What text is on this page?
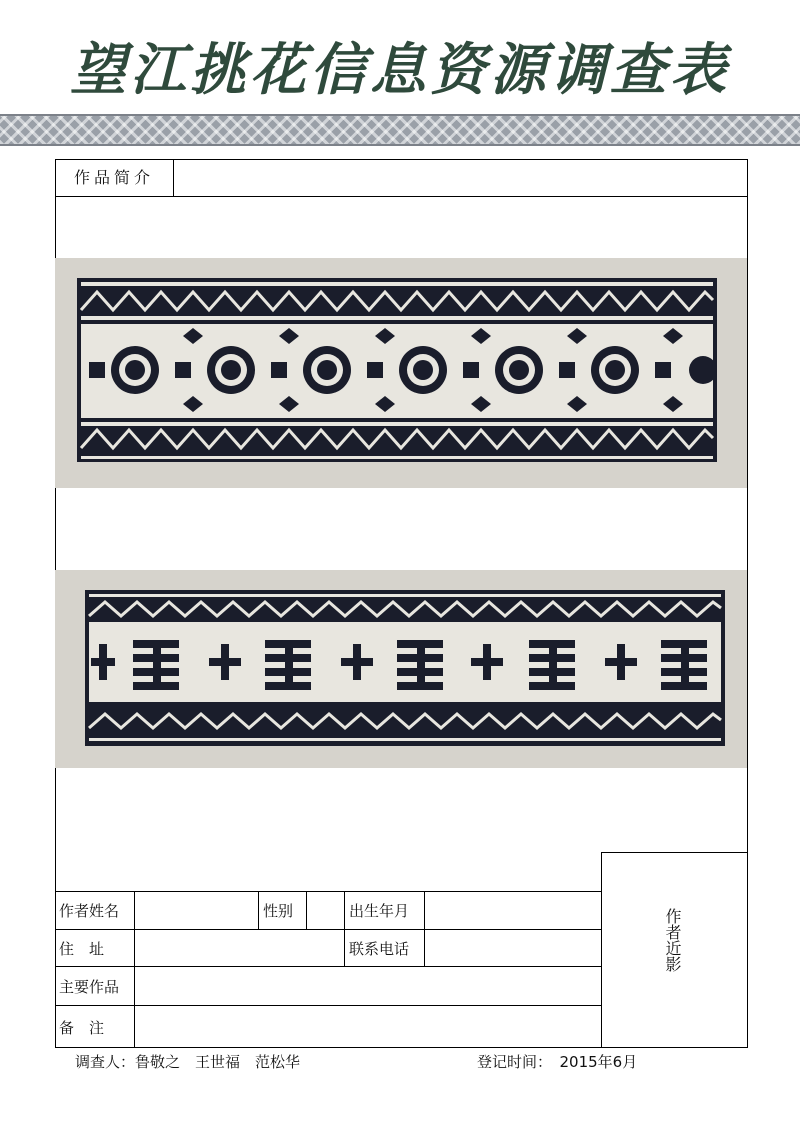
望江挑花信息资源调查表
作品简介
作者姓名	性别	出生年月
住　址	联系电话
主要作品
备　注
作者近影
调查人：鲁敬之　王世福　范松华	登记时间：　2015年6月
